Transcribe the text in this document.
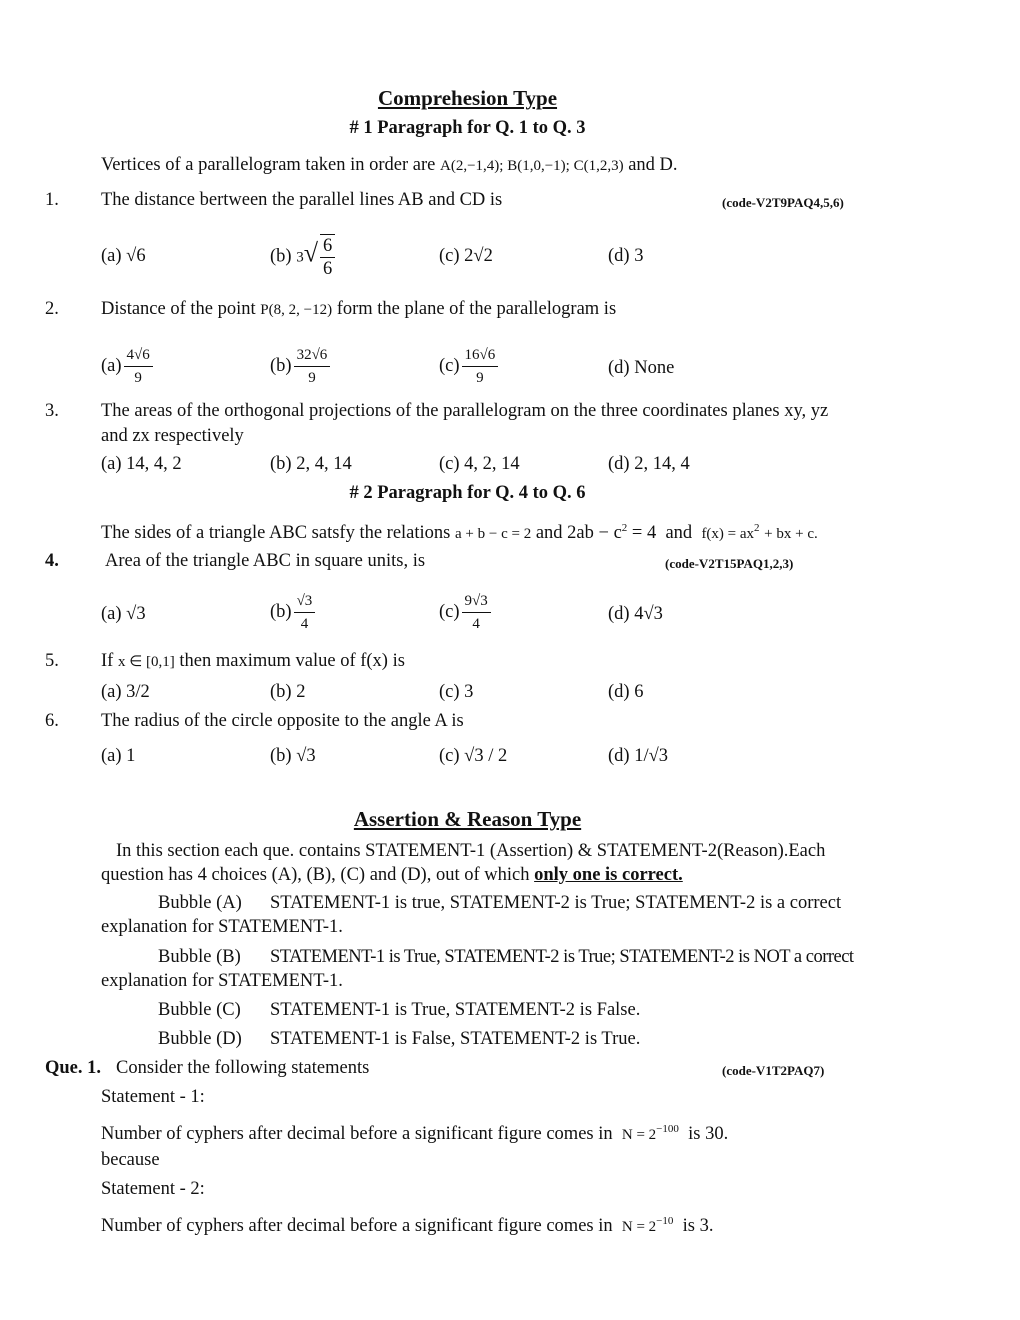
Comprehesion Type
# 1 Paragraph for Q. 1 to Q. 3
Vertices of a parallelogram taken in order are A(2,−1,4); B(1,0,−1); C(1,2,3) and D.
1. The distance bertween the parallel lines AB and CD is	(code-V2T9PAQ4,5,6)
(a) √6	(b) $3√ \frac{6}{6}$	(c) 2√2	(d) 3
2. Distance of the point P(8, 2, −12) form the plane of the parallelogram is
$(a) \frac{4√6}{9}$	$(b) \frac{32√6}{9}$	$(c) \frac{16√6}{9}$	(d) None
3. The areas of the orthogonal projections of the parallelogram on the three coordinates planes xy, yz
and zx respectively
(a) 14, 4, 2	(b) 2, 4, 14	(c) 4, 2, 14	(d) 2, 14, 4
# 2 Paragraph for Q. 4 to Q. 6
The sides of a triangle ABC satsfy the relations a + b − c = 2 and $2ab - c^2 = 4$ and $f(x) = ax^2$ + bx + c.
4. Area of the triangle ABC in square units, is	(code-V2T15PAQ1,2,3)
(a) √3	$(b) \frac{√3}{4}$	$(c) \frac{9√3}{4}$	(d) 4√3
5. If x ∈ [0,1] then maximum value of f(x) is
(a) 3/2	(b) 2	(c) 3	(d) 6
6. The radius of the circle opposite to the angle A is
(a) 1	(b) √3	(c) √3 / 2	(d) 1/√3
Assertion & Reason Type
In this section each que. contains STATEMENT-1 (Assertion) & STATEMENT-2(Reason).Each
question has 4 choices (A), (B), (C) and (D), out of which only one is correct.
Bubble (A) STATEMENT-1 is true, STATEMENT-2 is True; STATEMENT-2 is a correct
explanation for STATEMENT-1.
Bubble (B) STATEMENT-1 is True, STATEMENT-2 is True; STATEMENT-2 is NOT a correct
explanation for STATEMENT-1.
Bubble (C) STATEMENT-1 is True, STATEMENT-2 is False.
Bubble (D) STATEMENT-1 is False, STATEMENT-2 is True.
Que. 1. Consider the following statements	(code-V1T2PAQ7)
Statement - 1:
Number of cyphers after decimal before a significant figure comes in $N = 2^{-100}$ is 30.
because
Statement - 2:
Number of cyphers after decimal before a significant figure comes in $N = 2^{-10}$ is 3.
